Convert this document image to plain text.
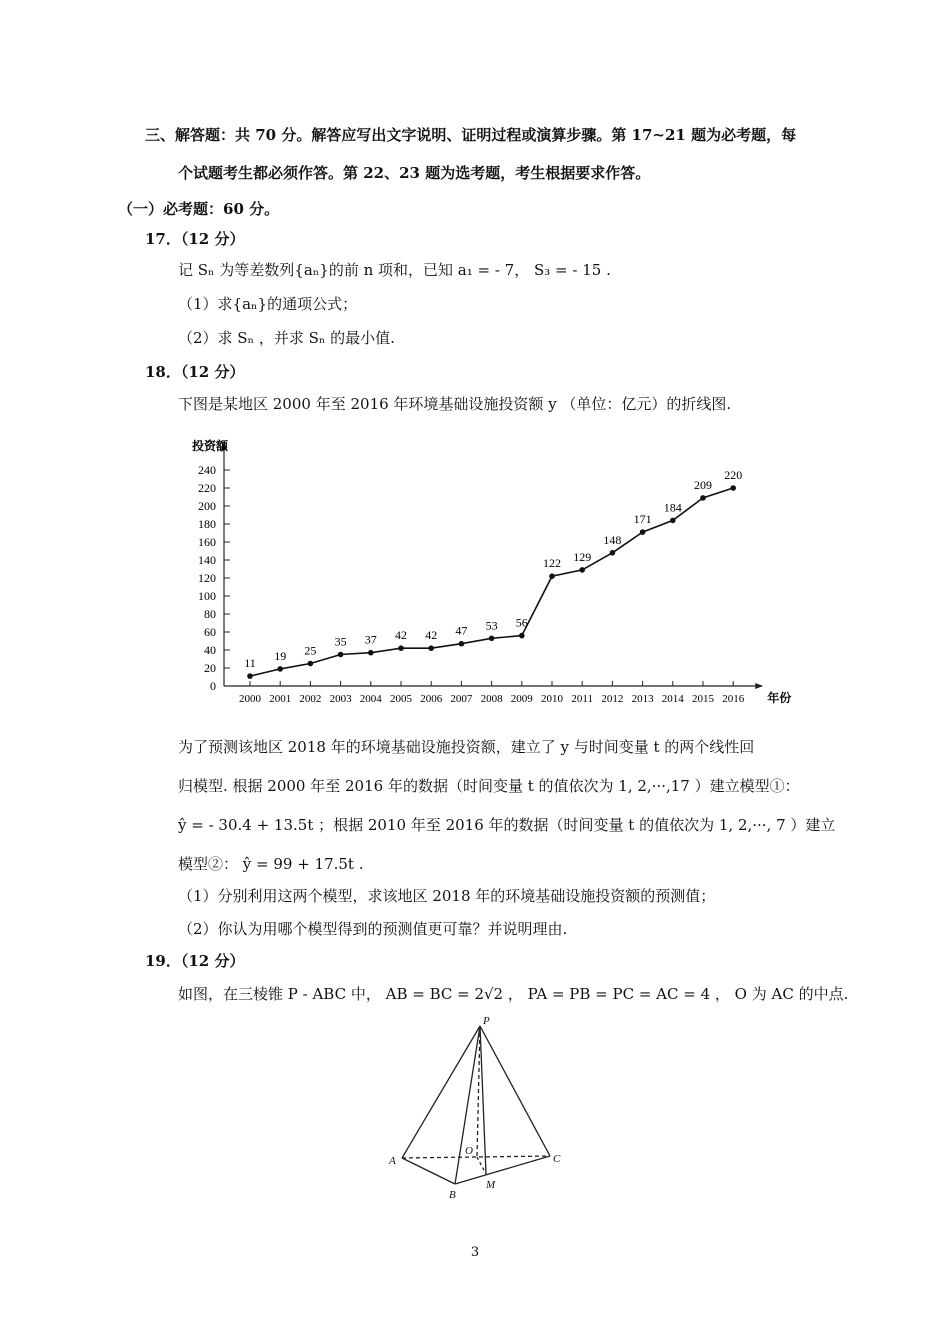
三、解答题：共 70 分。解答应写出文字说明、证明过程或演算步骤。第 17~21 题为必考题，每
个试题考生都必须作答。第 22、23 题为选考题，考生根据要求作答。
（一）必考题：60 分。
17．（12 分）
记 Sₙ 为等差数列{aₙ}的前 n 项和，已知 a₁ = - 7， S₃ = - 15 .
（1）求{aₙ}的通项公式；
（2）求 Sₙ ，并求 Sₙ 的最小值.
18．（12 分）
下图是某地区 2000 年至 2016 年环境基础设施投资额 y （单位：亿元）的折线图.
投资额
年份
0
20
40
60
80
100
120
140
160
180
200
220
240
2000 2001 2002 2003 2004 2005 2006 2007 2008 2009 2010 2011 2012 2013 2014 2015 2016
11
19 25
35 37 42 42 47 53 56
122 129
148
171
184
209
220
为了预测该地区 2018 年的环境基础设施投资额，建立了 y 与时间变量 t 的两个线性回
归模型. 根据 2000 年至 2016 年的数据（时间变量 t 的值依次为 1, 2,···,17 ）建立模型①：
ŷ = - 30.4 + 13.5t ；根据 2010 年至 2016 年的数据（时间变量 t 的值依次为 1, 2,···, 7 ）建立
模型②： ŷ = 99 + 17.5t .
（1）分别利用这两个模型，求该地区 2018 年的环境基础设施投资额的预测值；
（2）你认为用哪个模型得到的预测值更可靠？并说明理由.
19．（12 分）
如图，在三棱锥 P - ABC 中， AB = BC = 2√2 ， PA = PB = PC = AC = 4 ， O 为 AC 的中点.
P
A
B
C
O
M
3
